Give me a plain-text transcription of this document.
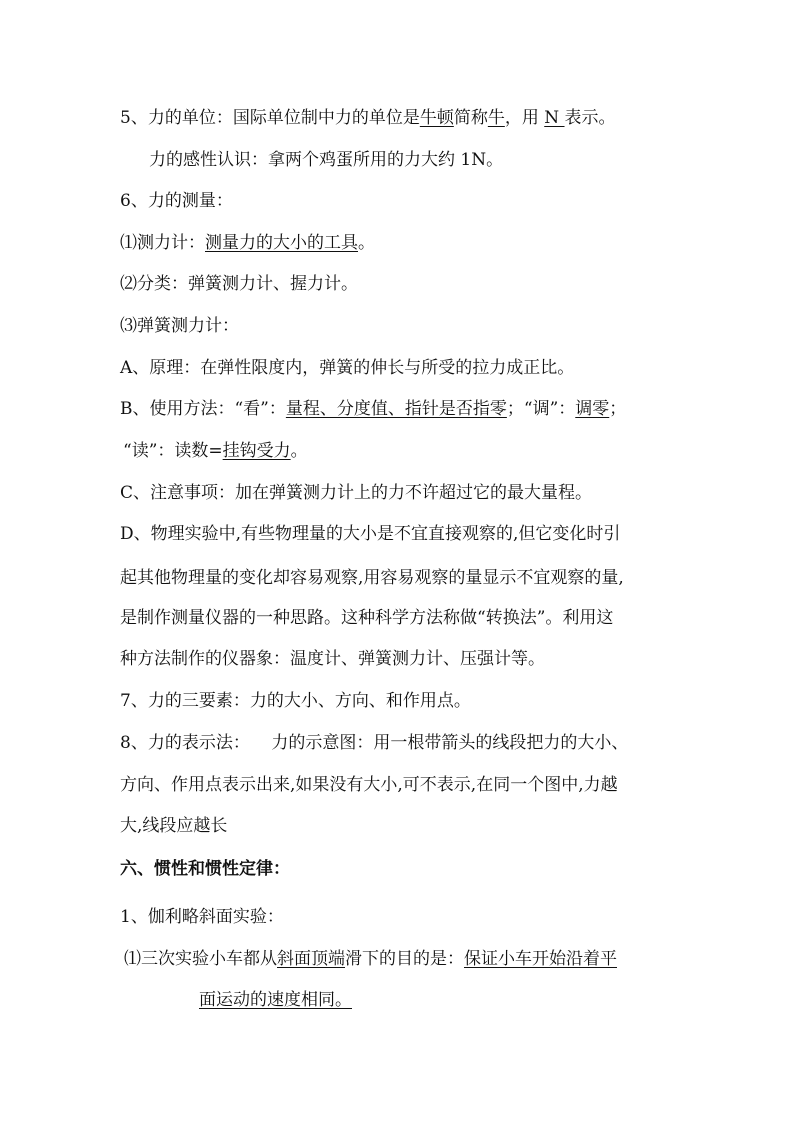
5、力的单位：国际单位制中力的单位是牛顿简称牛，用 N 表示。
力的感性认识：拿两个鸡蛋所用的力大约 1N。
6、力的测量：
⑴测力计：测量力的大小的工具。
⑵分类：弹簧测力计、握力计。
⑶弹簧测力计：
A、原理：在弹性限度内，弹簧的伸长与所受的拉力成正比。
B、使用方法：“看”：量程、分度值、指针是否指零；“调”：调零；
“读”：读数=挂钩受力。
C、注意事项：加在弹簧测力计上的力不许超过它的最大量程。
D、物理实验中,有些物理量的大小是不宜直接观察的,但它变化时引
起其他物理量的变化却容易观察,用容易观察的量显示不宜观察的量,
是制作测量仪器的一种思路。这种科学方法称做“转换法”。利用这
种方法制作的仪器象：温度计、弹簧测力计、压强计等。
7、力的三要素：力的大小、方向、和作用点。
8、力的表示法：    力的示意图：用一根带箭头的线段把力的大小、
方向、作用点表示出来,如果没有大小,可不表示,在同一个图中,力越
大,线段应越长
六、惯性和惯性定律：
1、伽利略斜面实验：
⑴三次实验小车都从斜面顶端滑下的目的是：保证小车开始沿着平
面运动的速度相同。
